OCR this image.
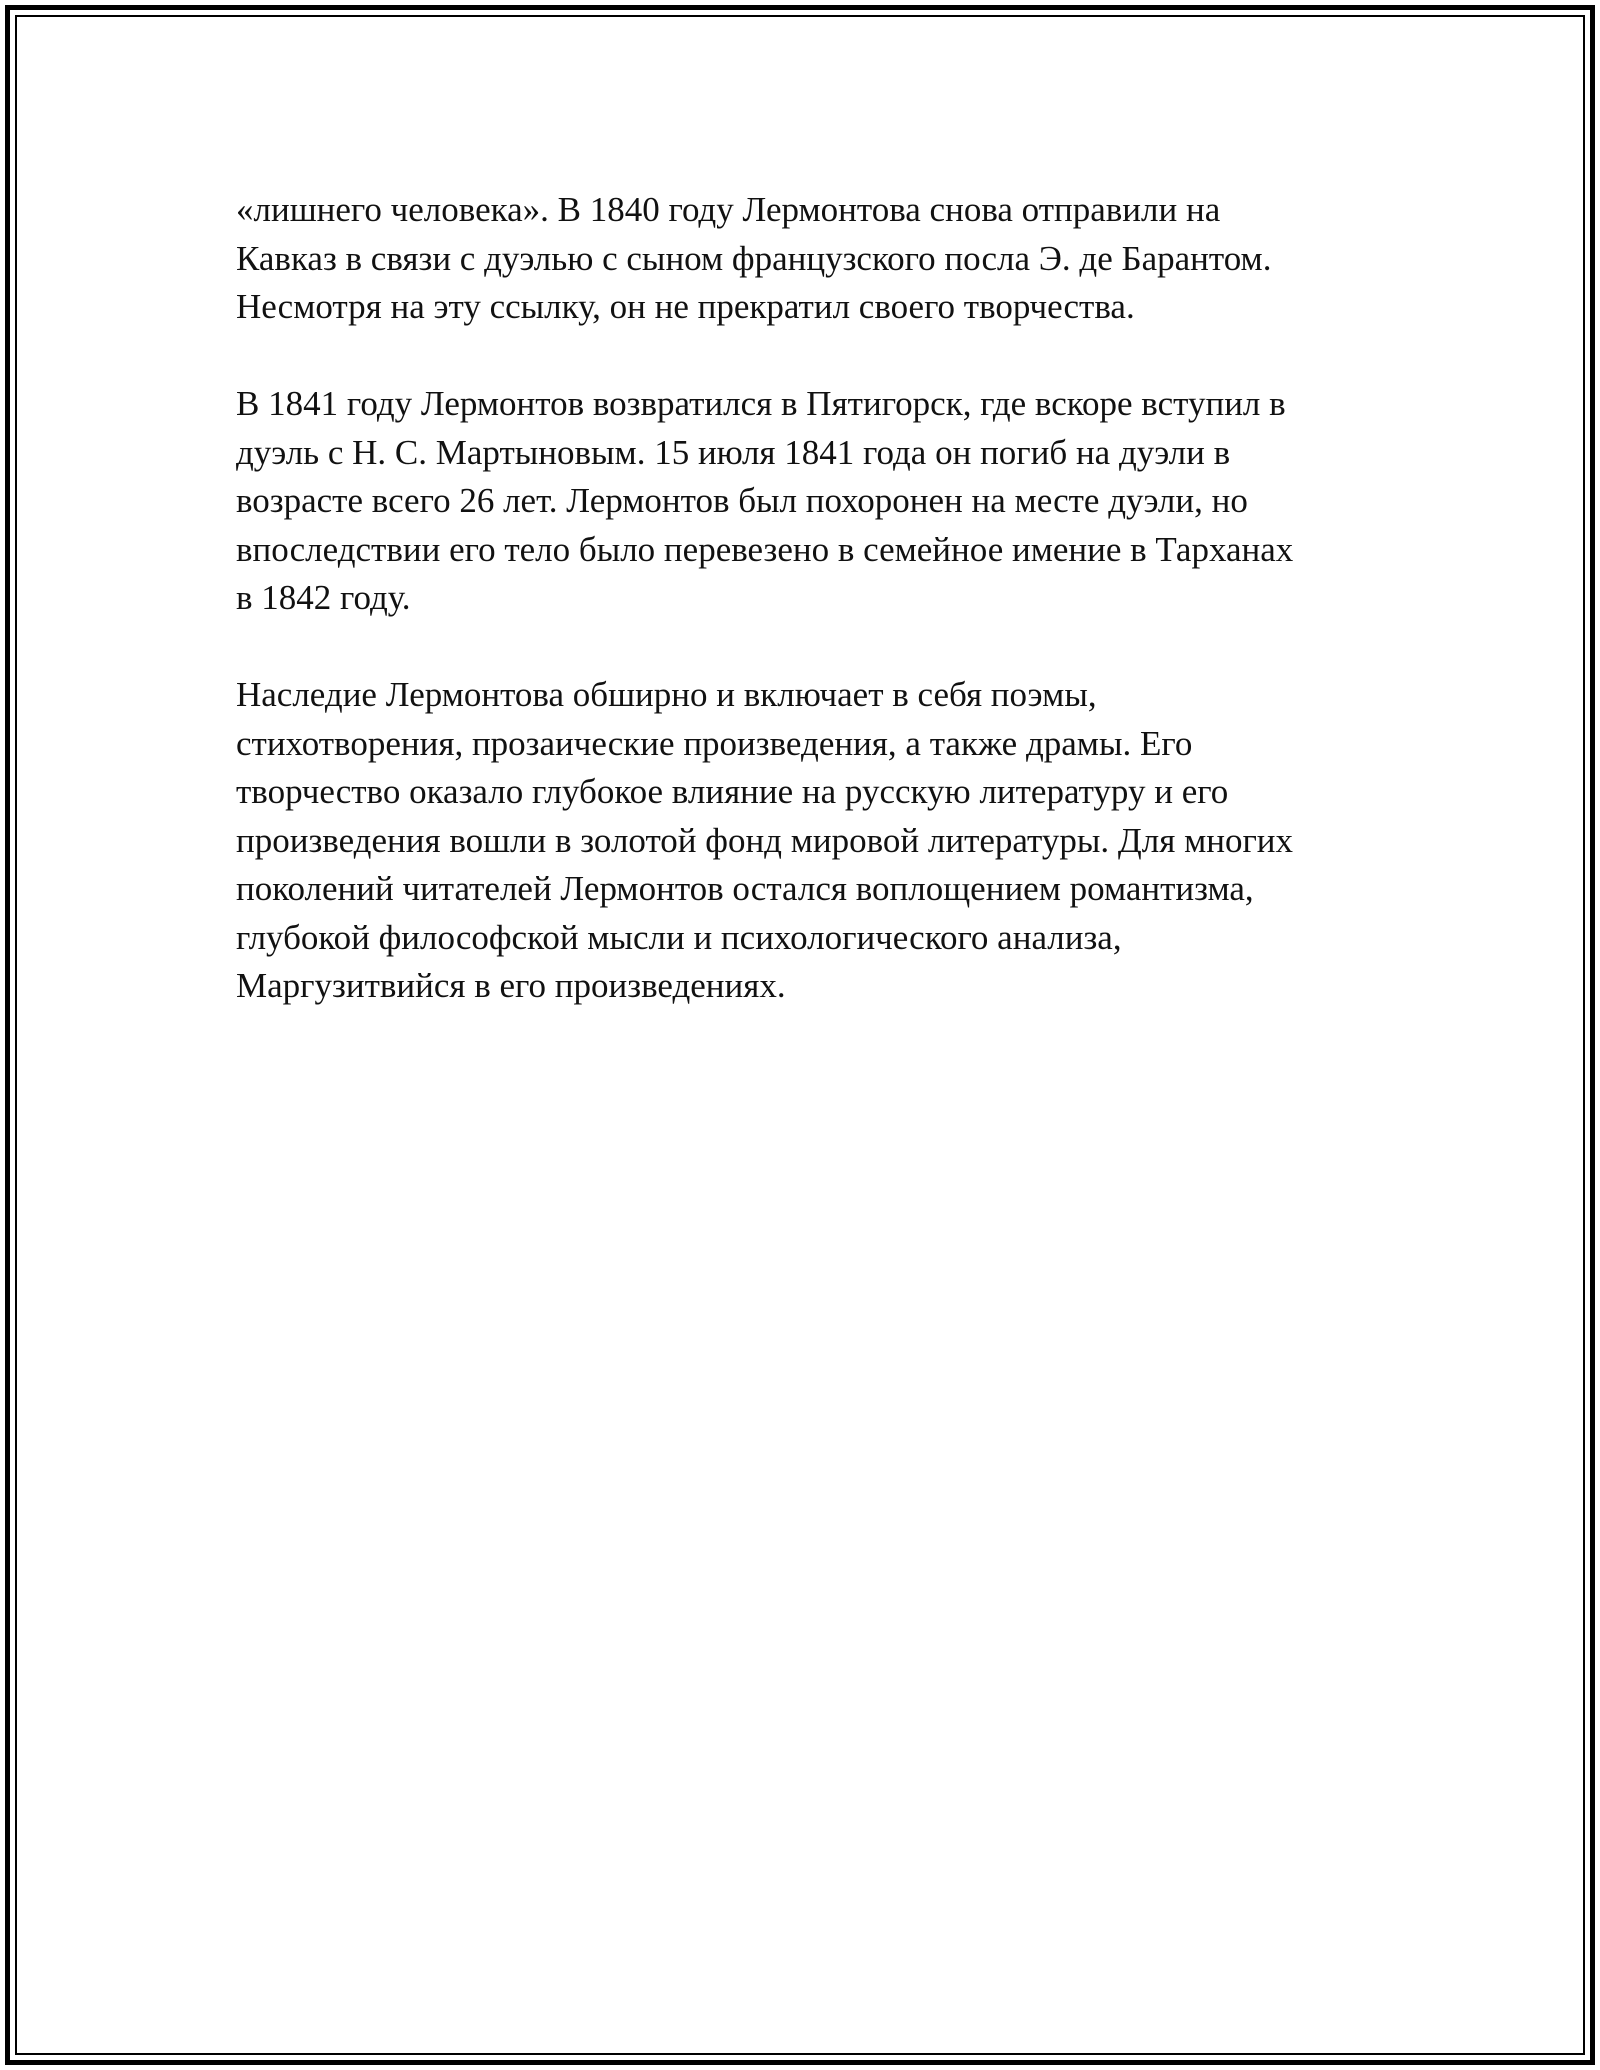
«лишнего человека». В 1840 году Лермонтова снова отправили на
Кавказ в связи с дуэлью с сыном французского посла Э. де Барантом.
Несмотря на эту ссылку, он не прекратил своего творчества.

В 1841 году Лермонтов возвратился в Пятигорск, где вскоре вступил в
дуэль с Н. С. Мартыновым. 15 июля 1841 года он погиб на дуэли в
возрасте всего 26 лет. Лермонтов был похоронен на месте дуэли, но
впоследствии его тело было перевезено в семейное имение в Тарханах
в 1842 году.

Наследие Лермонтова обширно и включает в себя поэмы,
стихотворения, прозаические произведения, а также драмы. Его
творчество оказало глубокое влияние на русскую литературу и его
произведения вошли в золотой фонд мировой литературы. Для многих
поколений читателей Лермонтов остался воплощением романтизма,
глубокой философской мысли и психологического анализа,
Маргузитвийся в его произведениях.
